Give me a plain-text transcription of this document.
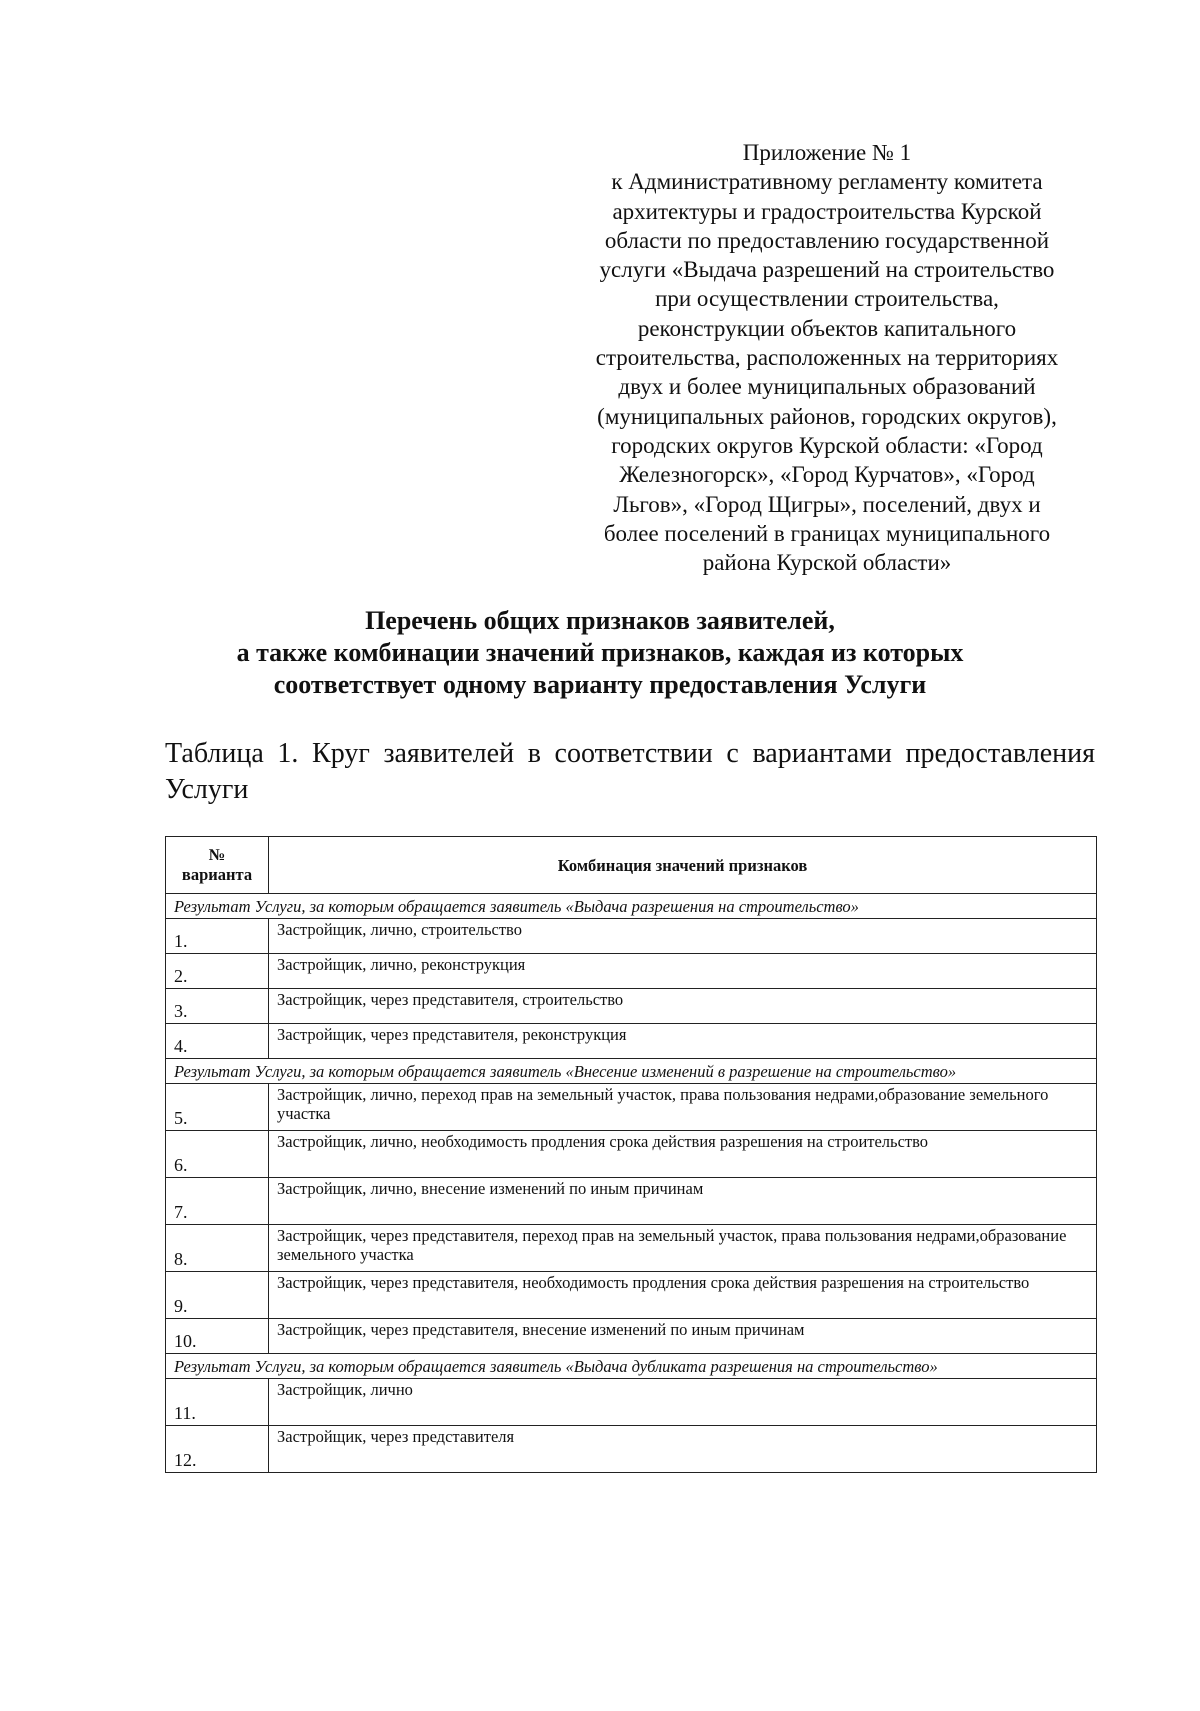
Приложение № 1
к Административному регламенту комитета
архитектуры и градостроительства Курской
области по предоставлению государственной
услуги «Выдача разрешений на строительство
при осуществлении строительства,
реконструкции объектов капитального
строительства, расположенных на территориях
двух и более муниципальных образований
(муниципальных районов, городских округов),
городских округов Курской области: «Город
Железногорск», «Город Курчатов», «Город
Льгов», «Город Щигры», поселений, двух и
более поселений в границах муниципального
района Курской области»
Перечень общих признаков заявителей,
а также комбинации значений признаков, каждая из которых
соответствует одному варианту предоставления Услуги
Таблица 1. Круг заявителей в соответствии с вариантами предоставления Услуги
№
варианта	Комбинация значений признаков
Результат Услуги, за которым обращается заявитель «Выдача разрешения на строительство»	
1.	Застройщик, лично, строительство
2.	Застройщик, лично, реконструкция
3.	Застройщик, через представителя, строительство
4.	Застройщик, через представителя, реконструкция
Результат Услуги, за которым обращается заявитель «Внесение изменений в разрешение на строительство»	
5.	Застройщик, лично, переход прав на земельный участок, права пользования недрами,образование земельного участка
6.	Застройщик, лично, необходимость продления срока действия разрешения на строительство
7.	Застройщик, лично, внесение изменений по иным причинам
8.	Застройщик, через представителя, переход прав на земельный участок, права пользования недрами,образование земельного участка
9.	Застройщик, через представителя, необходимость продления срока действия разрешения на строительство
10.	Застройщик, через представителя, внесение изменений по иным причинам
Результат Услуги, за которым обращается заявитель «Выдача дубликата разрешения на строительство»	
11.	Застройщик, лично
12.	Застройщик, через представителя
